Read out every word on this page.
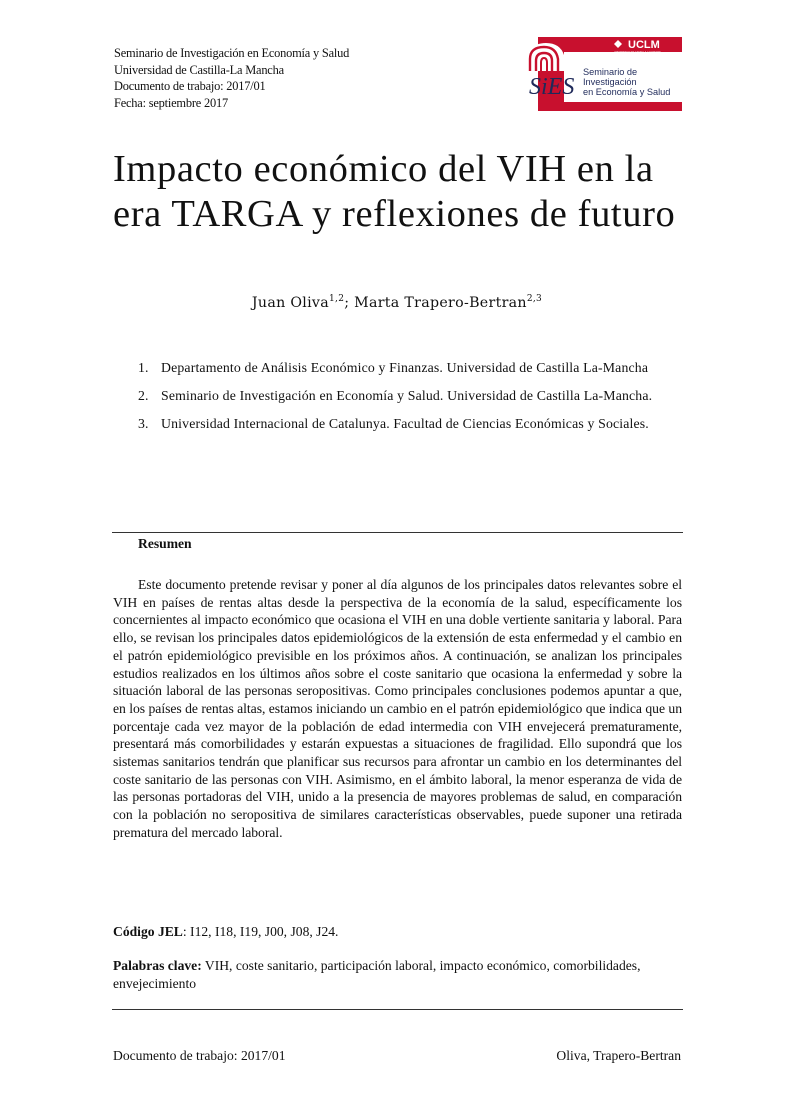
Seminario de Investigación en Economía y Salud
Universidad de Castilla-La Mancha
Documento de trabajo: 2017/01
Fecha: septiembre 2017
UCLM
UNIVERSIDAD DE CASTILLA-LA MANCHA
SiES
Seminario de
Investigación
en Economía y Salud
Impacto económico del VIH en la era TARGA y reflexiones de futuro
Juan Oliva$^{1,2}$; Marta Trapero-Bertran$^{2,3}$
1. Departamento de Análisis Económico y Finanzas. Universidad de Castilla La-Mancha
2. Seminario de Investigación en Economía y Salud. Universidad de Castilla La-Mancha.
3. Universidad Internacional de Catalunya. Facultad de Ciencias Económicas y Sociales.
Resumen

Este documento pretende revisar y poner al día algunos de los principales datos relevantes sobre el VIH en países de rentas altas desde la perspectiva de la economía de la salud, específicamente los concernientes al impacto económico que ocasiona el VIH en una doble vertiente sanitaria y laboral. Para ello, se revisan los principales datos epidemiológicos de la extensión de esta enfermedad y el cambio en el patrón epidemiológico previsible en los próximos años. A continuación, se analizan los principales estudios realizados en los últimos años sobre el coste sanitario que ocasiona la enfermedad y sobre la situación laboral de las personas seropositivas. Como principales conclusiones podemos apuntar a que, en los países de rentas altas, estamos iniciando un cambio en el patrón epidemiológico que indica que un porcentaje cada vez mayor de la población de edad intermedia con VIH envejecerá prematuramente, presentará más comorbilidades y estarán expuestas a situaciones de fragilidad. Ello supondrá que los sistemas sanitarios tendrán que planificar sus recursos para afrontar un cambio en los determinantes del coste sanitario de las personas con VIH. Asimismo, en el ámbito laboral, la menor esperanza de vida de las personas portadoras del VIH, unido a la presencia de mayores problemas de salud, en comparación con la población no seropositiva de similares características observables, puede suponer una retirada prematura del mercado laboral.

Código JEL: I12, I18, I19, J00, J08, J24.
Palabras clave: VIH, coste sanitario, participación laboral, impacto económico, comorbilidades, envejecimiento
Documento de trabajo: 2017/01	Oliva, Trapero-Bertran
